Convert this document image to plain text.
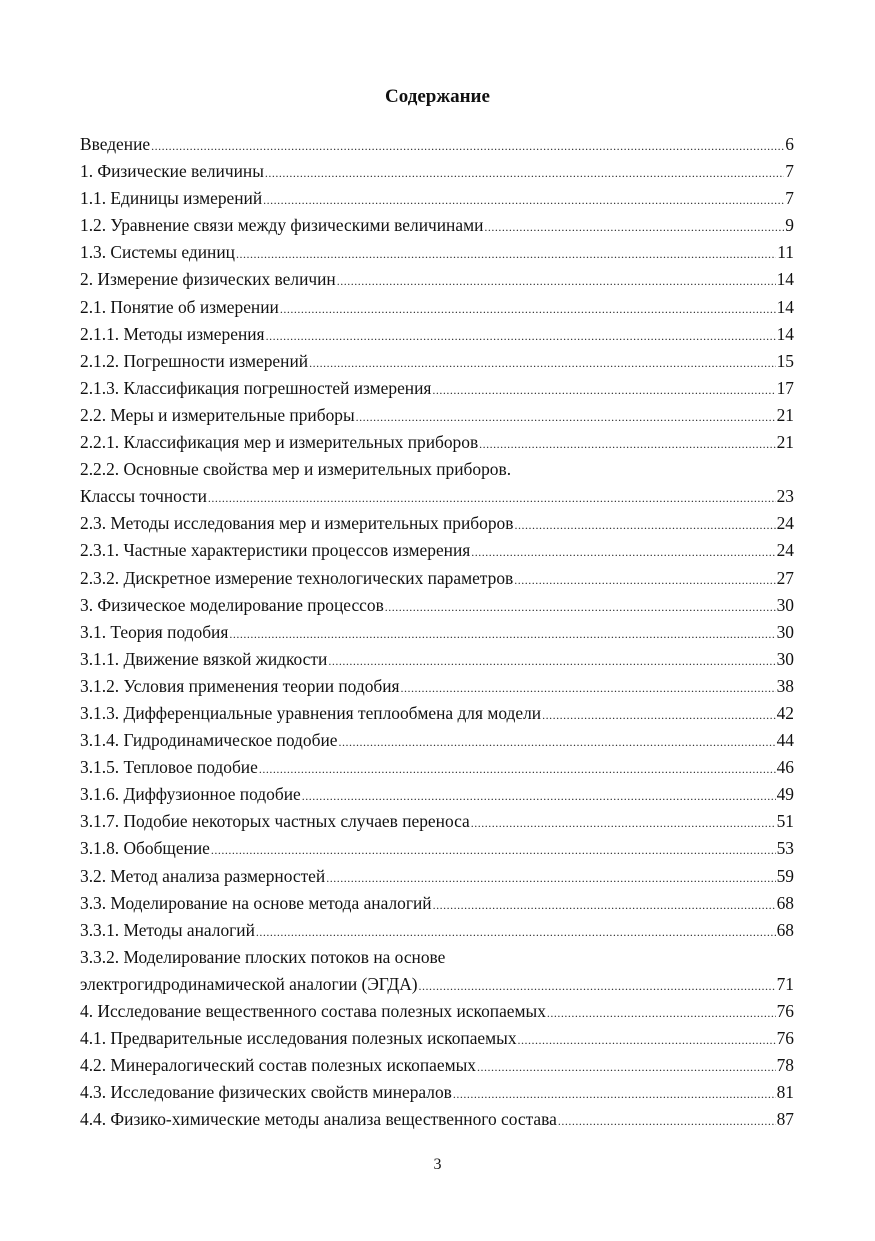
Содержание
Введение .....	6
1. Физические величины .....	7
1.1. Единицы измерений .....	7
1.2. Уравнение связи между физическими величинами .....	9
1.3. Системы единиц .....	11
2. Измерение физических величин .....	14
2.1. Понятие об измерении .....	14
2.1.1. Методы измерения .....	14
2.1.2. Погрешности измерений .....	15
2.1.3. Классификация погрешностей измерения .....	17
2.2. Меры и измерительные приборы .....	21
2.2.1. Классификация мер и измерительных приборов .....	21
2.2.2. Основные свойства мер и измерительных приборов.
Классы точности .....	23
2.3. Методы исследования мер и измерительных приборов .....	24
2.3.1. Частные характеристики процессов измерения .....	24
2.3.2. Дискретное измерение технологических параметров .....	27
3. Физическое моделирование процессов .....	30
3.1. Теория подобия .....	30
3.1.1. Движение вязкой жидкости .....	30
3.1.2. Условия применения теории подобия .....	38
3.1.3. Дифференциальные уравнения теплообмена для модели .....	42
3.1.4. Гидродинамическое подобие .....	44
3.1.5. Тепловое подобие .....	46
3.1.6. Диффузионное подобие .....	49
3.1.7. Подобие некоторых частных случаев переноса .....	51
3.1.8. Обобщение .....	53
3.2. Метод анализа размерностей .....	59
3.3. Моделирование на основе метода аналогий .....	68
3.3.1. Методы аналогий .....	68
3.3.2. Моделирование плоских потоков на основе
электрогидродинамической аналогии (ЭГДА) .....	71
4. Исследование вещественного состава полезных ископаемых .....	76
4.1. Предварительные исследования полезных ископаемых .....	76
4.2. Минералогический состав полезных ископаемых .....	78
4.3. Исследование физических свойств минералов .....	81
4.4. Физико-химические методы анализа вещественного состава .....	87
3
